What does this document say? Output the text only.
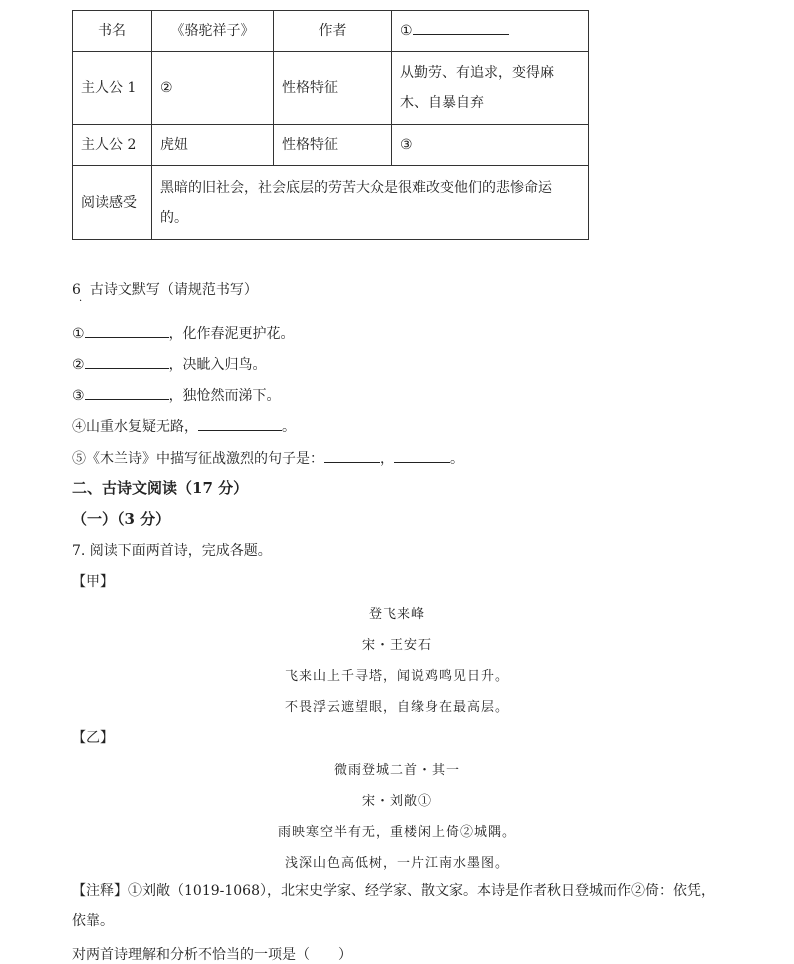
书名	《骆驼祥子》	作者	①
主人公 1	②	性格特征	从勤劳、有追求，变得麻
木、自暴自弃

主人公 2	虎妞	性格特征	③
阅读感受	黑暗的旧社会，社会底层的劳苦大众是很难改变他们的悲惨命运
的。		
6 古诗文默写（请规范书写）
·
①	，化作春泥更护花。
②	，决眦入归鸟。
③	，独怆然而涕下。
④山重水复疑无路，	。
⑤《木兰诗》中描写征战激烈的句子是：	，	。
二、古诗文阅读（17 分）
（一）（3 分）
7. 阅读下面两首诗，完成各题。
【甲】
登飞来峰
宋・王安石
飞来山上千寻塔，闻说鸡鸣见日升。
不畏浮云遮望眼，自缘身在最高层。
【乙】
微雨登城二首・其一
宋・刘敞①
雨映寒空半有无，重楼闲上倚②城隅。
浅深山色高低树，一片江南水墨图。
【注释】①刘敞（1019-1068），北宋史学家、经学家、散文家。本诗是作者秋日登城而作②倚：依凭，依靠。
对两首诗理解和分析不恰当的一项是（　　）
